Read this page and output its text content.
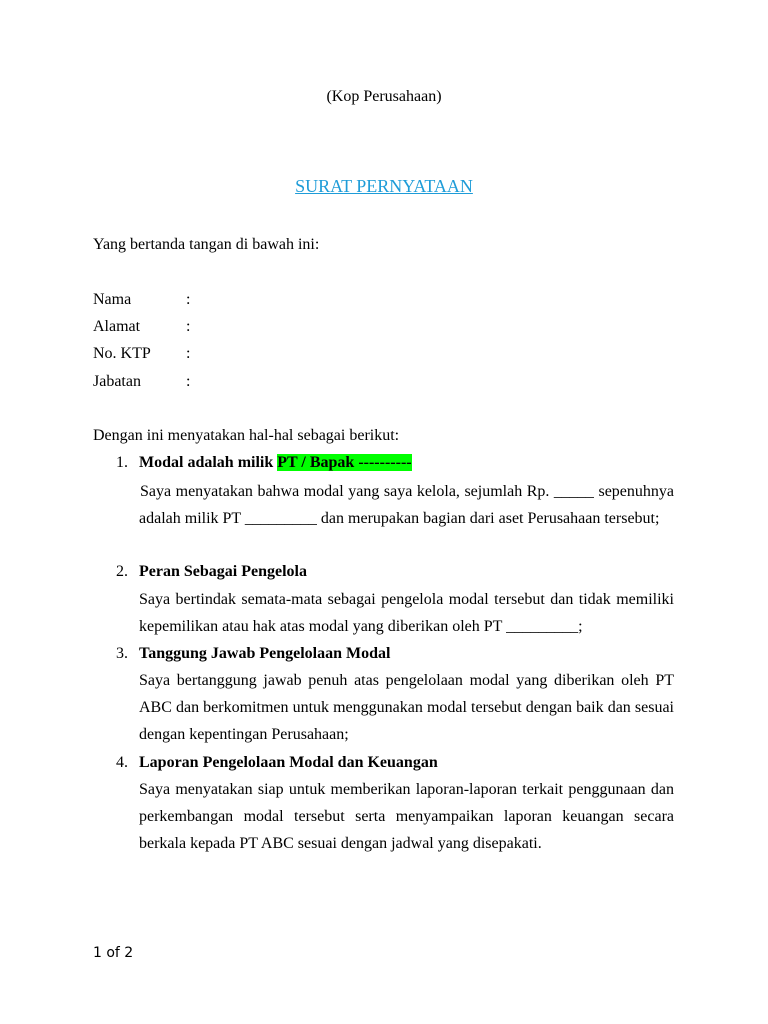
(Kop Perusahaan)
SURAT PERNYATAAN
Yang bertanda tangan di bawah ini:
Nama	:
Alamat	:
No. KTP :
Jabatan	:
Dengan ini menyatakan hal-hal sebagai berikut:
1. Modal adalah milik PT / Bapak ----------
Saya menyatakan bahwa modal yang saya kelola, sejumlah Rp. _____ sepenuhnya adalah milik PT _________ dan merupakan bagian dari aset Perusahaan tersebut;
2. Peran Sebagai Pengelola
Saya bertindak semata-mata sebagai pengelola modal tersebut dan tidak memiliki kepemilikan atau hak atas modal yang diberikan oleh PT _________;
3. Tanggung Jawab Pengelolaan Modal
Saya bertanggung jawab penuh atas pengelolaan modal yang diberikan oleh PT ABC dan berkomitmen untuk menggunakan modal tersebut dengan baik dan sesuai dengan kepentingan Perusahaan;
4. Laporan Pengelolaan Modal dan Keuangan
Saya menyatakan siap untuk memberikan laporan-laporan terkait penggunaan dan perkembangan modal tersebut serta menyampaikan laporan keuangan secara berkala kepada PT ABC sesuai dengan jadwal yang disepakati.
1 of 2
